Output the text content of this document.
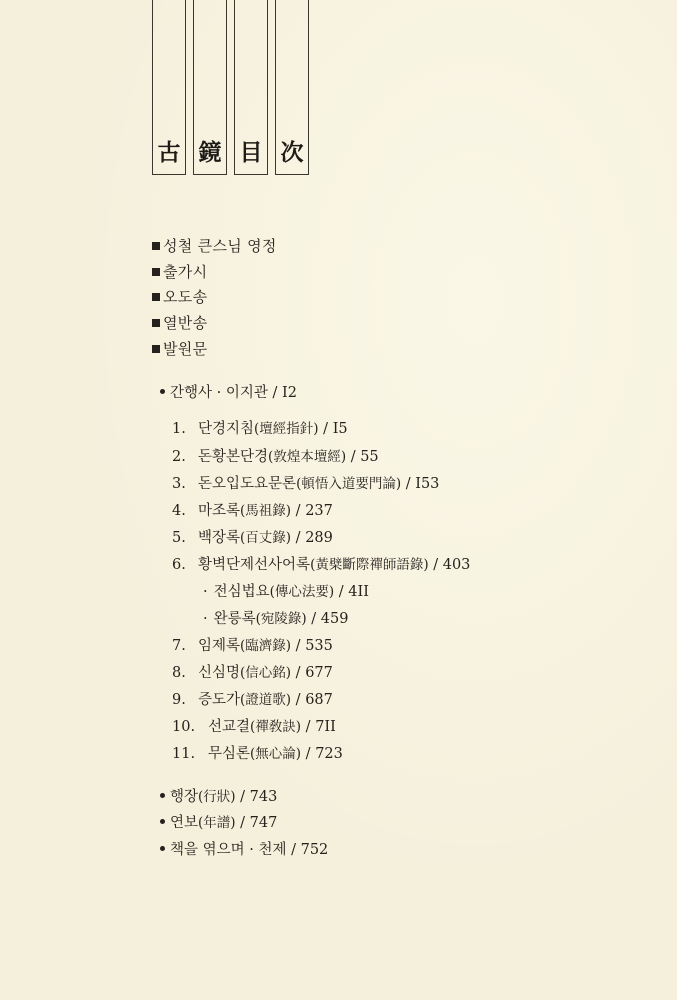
古 鏡 目 次
성철 큰스님 영정
출가시
오도송
열반송
발원문
간행사 · 이지관 / I2
1. 단경지침(壇經指針) / I5
2. 돈황본단경(敦煌本壇經) / 55
3. 돈오입도요문론(頓悟入道要門論) / I53
4. 마조록(馬祖錄) / 237
5. 백장록(百丈錄) / 289
6. 황벽단제선사어록(黃檗斷際禪師語錄) / 403
· 전심법요(傳心法要) / 4II
· 완릉록(宛陵錄) / 459
7. 임제록(臨濟錄) / 535
8. 신심명(信心銘) / 677
9. 증도가(證道歌) / 687
10. 선교결(禪敎訣) / 7II
11. 무심론(無心論) / 723
행장(行狀) / 743
연보(年譜) / 747
책을 엮으며 · 천제 / 752
